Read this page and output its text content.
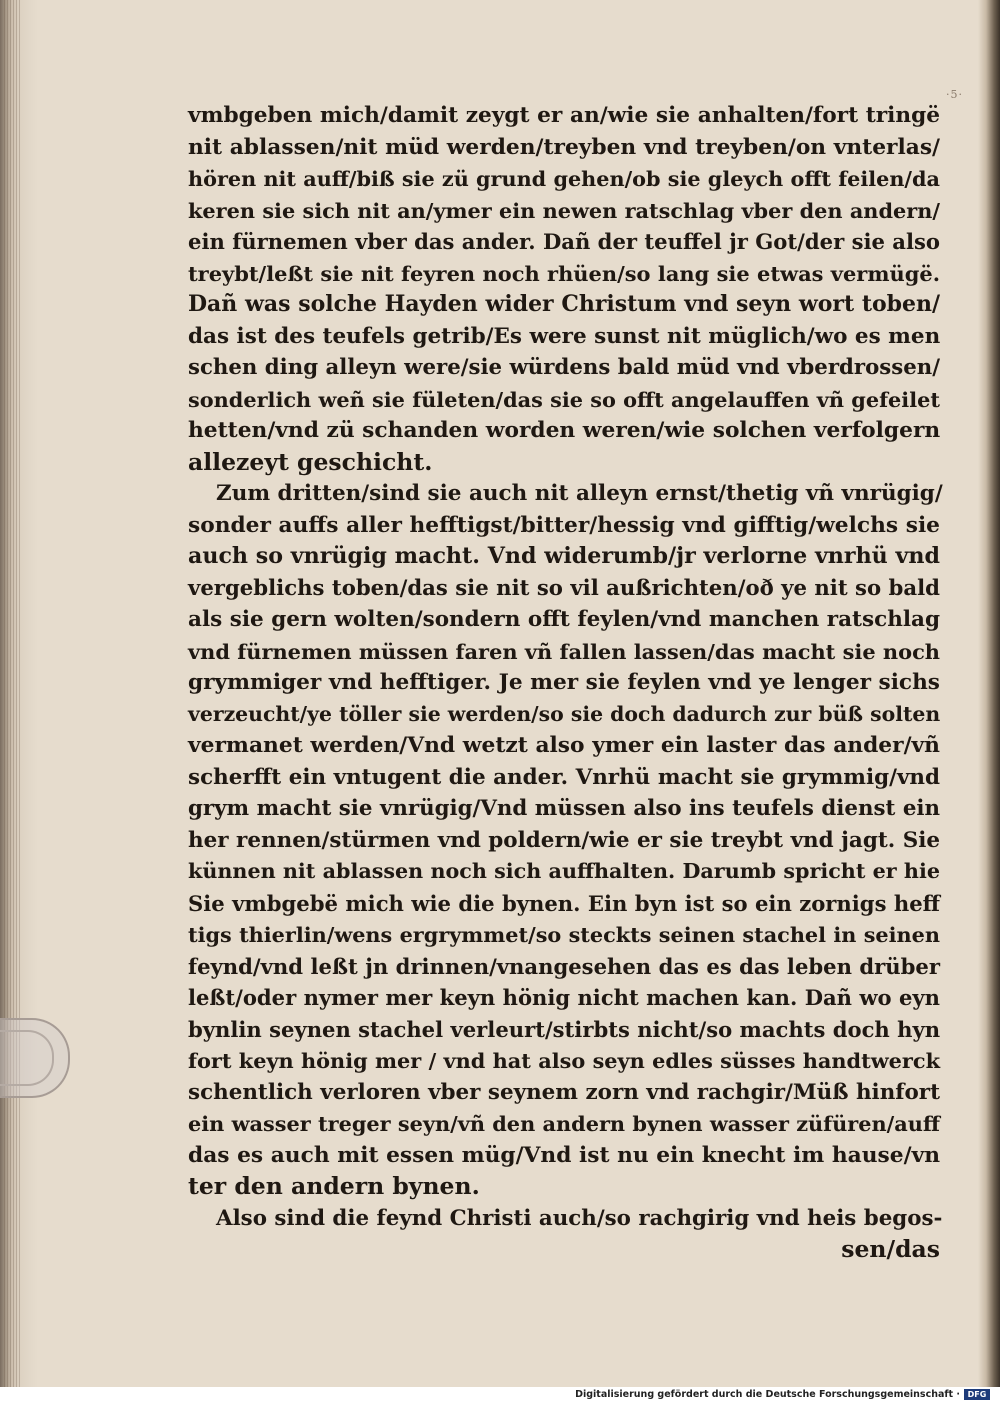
·5·
vmbgeben mich/damit zeygt er an/wie sie anhalten/fort tringë
nit ablassen/nit müd werden/treyben vnd treyben/on vnterlas/
hören nit auff/biß sie zü grund gehen/ob sie gleych offt feilen/da
keren sie sich nit an/ymer ein newen ratschlag vber den andern/
ein fürnemen vber das ander. Dañ der teuffel jr Got/der sie also
treybt/leßt sie nit feyren noch rhüen/so lang sie etwas vermügë.
Dañ was solche Hayden wider Christum vnd seyn wort toben/
das ist des teufels getrib/Es were sunst nit müglich/wo es men
schen ding alleyn were/sie würdens bald müd vnd vberdrossen/
sonderlich weñ sie fületen/das sie so offt angelauffen vñ gefeilet
hetten/vnd zü schanden worden weren/wie solchen verfolgern
allezeyt geschicht.
Zum dritten/sind sie auch nit alleyn ernst/thetig vñ vnrügig/
sonder auffs aller hefftigst/bitter/hessig vnd gifftig/welchs sie
auch so vnrügig macht. Vnd widerumb/jr verlorne vnrhü vnd
vergeblichs toben/das sie nit so vil außrichten/oð ye nit so bald
als sie gern wolten/sondern offt feylen/vnd manchen ratschlag
vnd fürnemen müssen faren vñ fallen lassen/das macht sie noch
grymmiger vnd hefftiger. Je mer sie feylen vnd ye lenger sichs
verzeucht/ye töller sie werden/so sie doch dadurch zur büß solten
vermanet werden/Vnd wetzt also ymer ein laster das ander/vñ
scherfft ein vntugent die ander. Vnrhü macht sie grymmig/vnd
grym macht sie vnrügig/Vnd müssen also ins teufels dienst ein
her rennen/stürmen vnd poldern/wie er sie treybt vnd jagt. Sie
künnen nit ablassen noch sich auffhalten. Darumb spricht er hie
Sie vmbgebë mich wie die bynen. Ein byn ist so ein zornigs heff
tigs thierlin/wens ergrymmet/so steckts seinen stachel in seinen
feynd/vnd leßt jn drinnen/vnangesehen das es das leben drüber
leßt/oder nymer mer keyn hönig nicht machen kan. Dañ wo eyn
bynlin seynen stachel verleurt/stirbts nicht/so machts doch hyn
fort keyn hönig mer / vnd hat also seyn edles süsses handtwerck
schentlich verloren vber seynem zorn vnd rachgir/Müß hinfort
ein wasser treger seyn/vñ den andern bynen wasser züfüren/auff
das es auch mit essen müg/Vnd ist nu ein knecht im hause/vn
ter den andern bynen.
Also sind die feynd Christi auch/so rachgirig vnd heis begos-
sen/das
Digitalisierung gefördert durch die Deutsche Forschungsgemeinschaft · DFG
